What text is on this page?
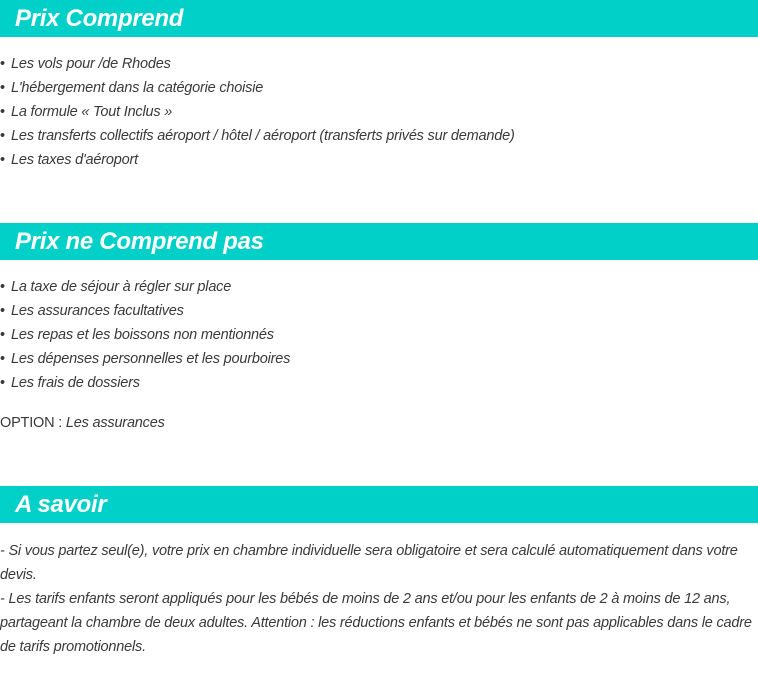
Prix Comprend
• Les vols pour /de Rhodes
• L'hébergement dans la catégorie choisie
• La formule « Tout Inclus »
• Les transferts collectifs aéroport / hôtel / aéroport (transferts privés sur demande)
• Les taxes d'aéroport
Prix ne Comprend pas
• La taxe de séjour à régler sur place
• Les assurances facultatives
• Les repas et les boissons non mentionnés
• Les dépenses personnelles et les pourboires
• Les frais de dossiers
OPTION : Les assurances
A savoir

- Si vous partez seul(e), votre prix en chambre individuelle sera obligatoire et sera calculé automatiquement dans votre devis.

- Les tarifs enfants seront appliqués pour les bébés de moins de 2 ans et/ou pour les enfants de 2 à moins de 12 ans, partageant la chambre de deux adultes. Attention : les réductions enfants et bébés ne sont pas applicables dans le cadre de tarifs promotionnels.
